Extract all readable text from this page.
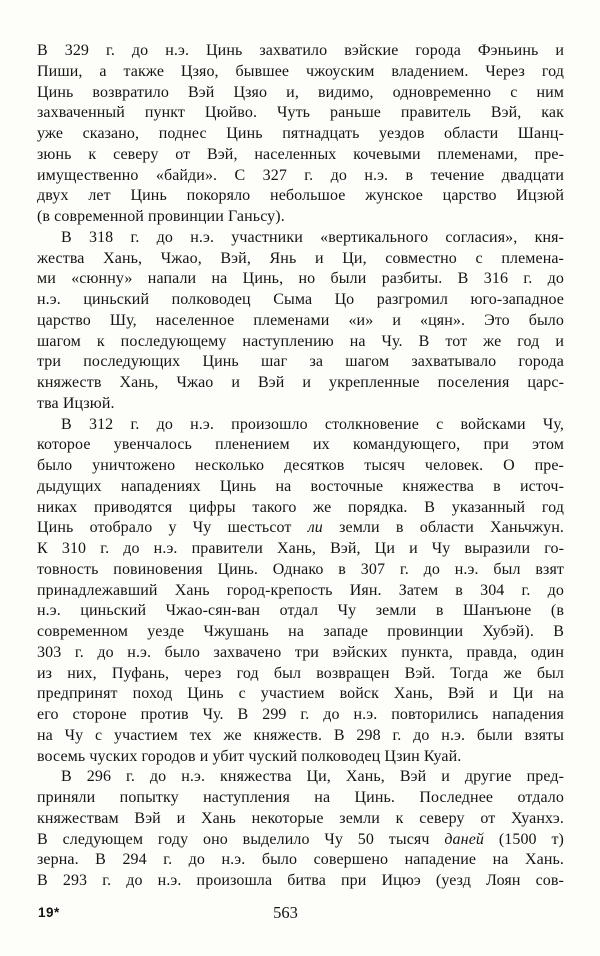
В 329 г. до н.э. Цинь захватило вэйские города Фэньинь и
Пиши, а также Цзяо, бывшее чжоуским владением. Через год
Цинь возвратило Вэй Цзяо и, видимо, одновременно с ним
захваченный пункт Цюйво. Чуть раньше правитель Вэй, как
уже сказано, поднес Цинь пятнадцать уездов области Шанц-
зюнь к северу от Вэй, населенных кочевыми племенами, пре-
имущественно «байди». С 327 г. до н.э. в течение двадцати
двух лет Цинь покоряло небольшое жунское царство Ицзюй
(в современной провинции Ганьсу).
В 318 г. до н.э. участники «вертикального согласия», кня-
жества Хань, Чжао, Вэй, Янь и Ци, совместно с племена-
ми «сюнну» напали на Цинь, но были разбиты. В 316 г. до
н.э. циньский полководец Сыма Цо разгромил юго-западное
царство Шу, населенное племенами «и» и «цян». Это было
шагом к последующему наступлению на Чу. В тот же год и
три последующих Цинь шаг за шагом захватывало города
княжеств Хань, Чжао и Вэй и укрепленные поселения царс-
тва Ицзюй.
В 312 г. до н.э. произошло столкновение с войсками Чу,
которое увенчалось пленением их командующего, при этом
было уничтожено несколько десятков тысяч человек. О пре-
дыдущих нападениях Цинь на восточные княжества в источ-
никах приводятся цифры такого же порядка. В указанный год
Цинь отобрало у Чу шестьсот ли земли в области Ханьчжун.
К 310 г. до н.э. правители Хань, Вэй, Ци и Чу выразили го-
товность повиновения Цинь. Однако в 307 г. до н.э. был взят
принадлежавший Хань город-крепость Иян. Затем в 304 г. до
н.э. циньский Чжао-сян-ван отдал Чу земли в Шанъюне (в
современном уезде Чжушань на западе провинции Хубэй). В
303 г. до н.э. было захвачено три вэйских пункта, правда, один
из них, Пуфань, через год был возвращен Вэй. Тогда же был
предпринят поход Цинь с участием войск Хань, Вэй и Ци на
его стороне против Чу. В 299 г. до н.э. повторились нападения
на Чу с участием тех же княжеств. В 298 г. до н.э. были взяты
восемь чуских городов и убит чуский полководец Цзин Куай.
В 296 г. до н.э. княжества Ци, Хань, Вэй и другие пред-
приняли попытку наступления на Цинь. Последнее отдало
княжествам Вэй и Хань некоторые земли к северу от Хуанхэ.
В следующем году оно выделило Чу 50 тысяч даней (1500 т)
зерна. В 294 г. до н.э. было совершено нападение на Хань.
В 293 г. до н.э. произошла битва при Ицюэ (уезд Лоян сов-
19*	563
